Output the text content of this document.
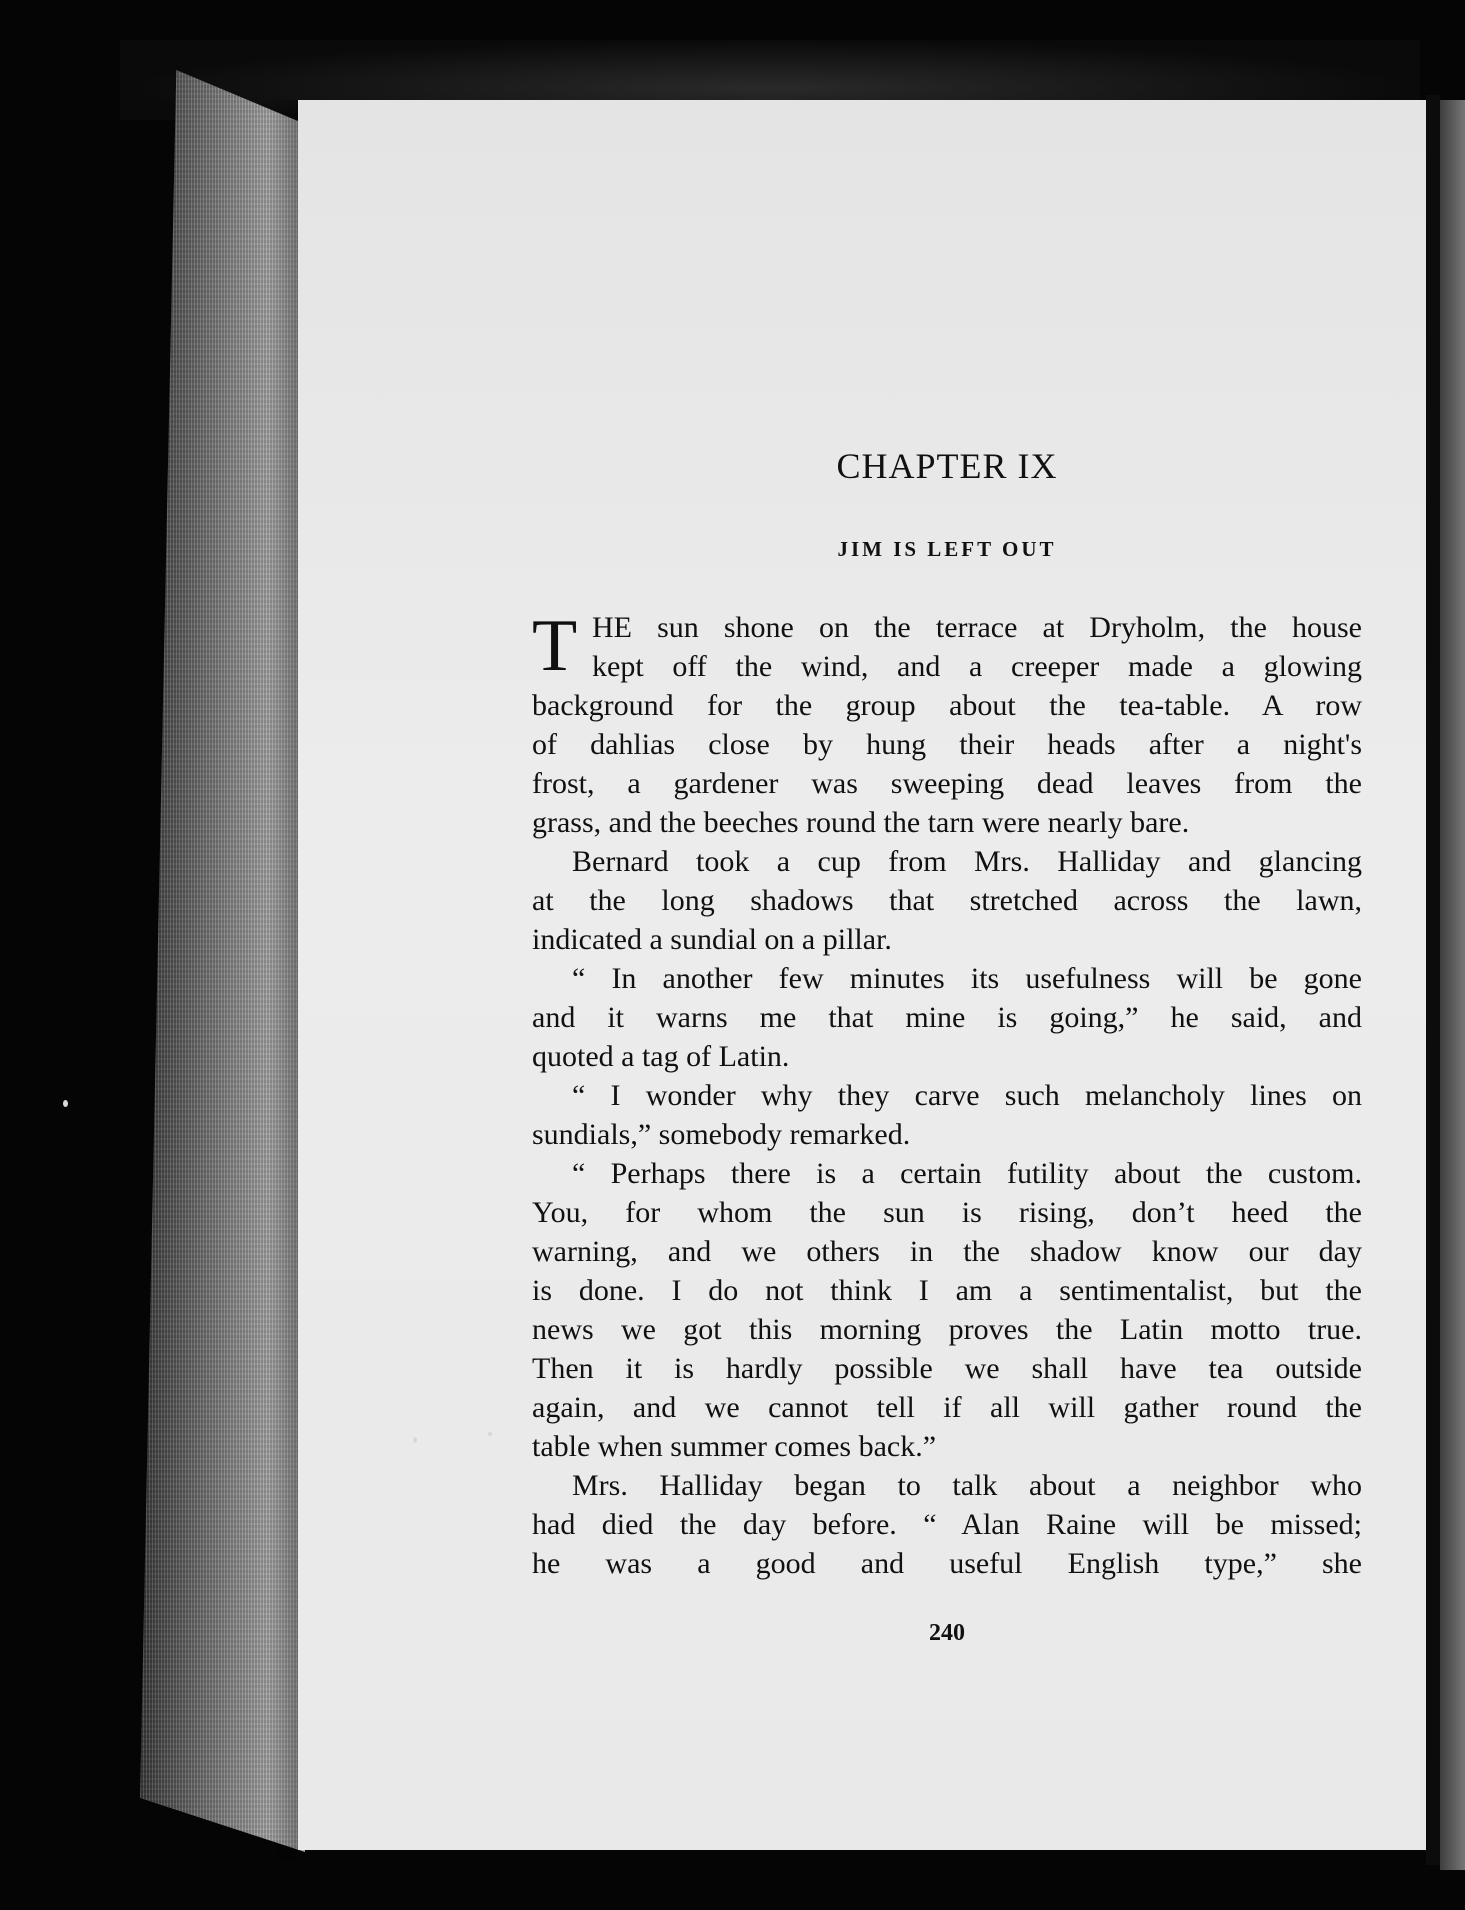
CHAPTER IX
JIM IS LEFT OUT
T HE sun shone on the terrace at Dryholm, the house
kept off the wind, and a creeper made a glowing
background for the group about the tea-table. A row
of dahlias close by hung their heads after a night's
frost, a gardener was sweeping dead leaves from the
grass, and the beeches round the tarn were nearly bare.
Bernard took a cup from Mrs. Halliday and glancing
at the long shadows that stretched across the lawn,
indicated a sundial on a pillar.
“ In another few minutes its usefulness will be gone
and it warns me that mine is going,” he said, and
quoted a tag of Latin.
“ I wonder why they carve such melancholy lines on
sundials,” somebody remarked.
“ Perhaps there is a certain futility about the custom.
You, for whom the sun is rising, don’t heed the
warning, and we others in the shadow know our day
is done. I do not think I am a sentimentalist, but the
news we got this morning proves the Latin motto true.
Then it is hardly possible we shall have tea outside
again, and we cannot tell if all will gather round the
table when summer comes back.”
Mrs. Halliday began to talk about a neighbor who
had died the day before. “ Alan Raine will be missed;
he was a good and useful English type,” she
240
